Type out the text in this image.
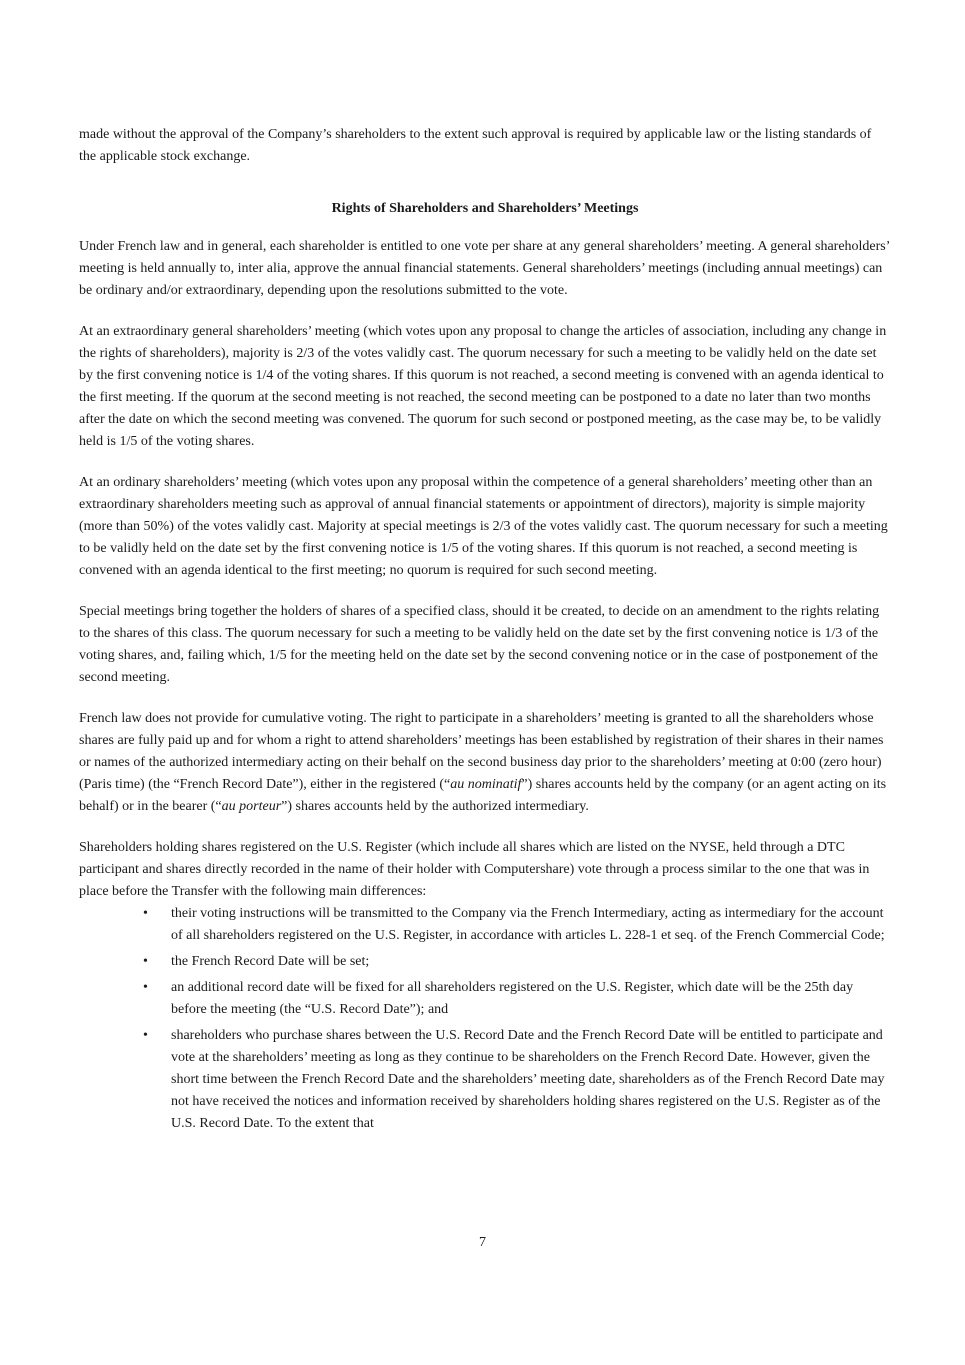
made without the approval of the Company’s shareholders to the extent such approval is required by applicable law or the listing standards of the applicable stock exchange.

Rights of Shareholders and Shareholders’ Meetings

Under French law and in general, each shareholder is entitled to one vote per share at any general shareholders’ meeting. A general shareholders’ meeting is held annually to, inter alia, approve the annual financial statements. General shareholders’ meetings (including annual meetings) can be ordinary and/or extraordinary, depending upon the resolutions submitted to the vote.

At an extraordinary general shareholders’ meeting (which votes upon any proposal to change the articles of association, including any change in the rights of shareholders), majority is 2/3 of the votes validly cast. The quorum necessary for such a meeting to be validly held on the date set by the first convening notice is 1/4 of the voting shares. If this quorum is not reached, a second meeting is convened with an agenda identical to the first meeting. If the quorum at the second meeting is not reached, the second meeting can be postponed to a date no later than two months after the date on which the second meeting was convened. The quorum for such second or postponed meeting, as the case may be, to be validly held is 1/5 of the voting shares.

At an ordinary shareholders’ meeting (which votes upon any proposal within the competence of a general shareholders’ meeting other than an extraordinary shareholders meeting such as approval of annual financial statements or appointment of directors), majority is simple majority (more than 50%) of the votes validly cast. Majority at special meetings is 2/3 of the votes validly cast. The quorum necessary for such a meeting to be validly held on the date set by the first convening notice is 1/5 of the voting shares. If this quorum is not reached, a second meeting is convened with an agenda identical to the first meeting; no quorum is required for such second meeting.

Special meetings bring together the holders of shares of a specified class, should it be created, to decide on an amendment to the rights relating to the shares of this class. The quorum necessary for such a meeting to be validly held on the date set by the first convening notice is 1/3 of the voting shares, and, failing which, 1/5 for the meeting held on the date set by the second convening notice or in the case of postponement of the second meeting.

French law does not provide for cumulative voting. The right to participate in a shareholders’ meeting is granted to all the shareholders whose shares are fully paid up and for whom a right to attend shareholders’ meetings has been established by registration of their shares in their names or names of the authorized intermediary acting on their behalf on the second business day prior to the shareholders’ meeting at 0:00 (zero hour) (Paris time) (the “French Record Date”), either in the registered (“au nominatif”) shares accounts held by the company (or an agent acting on its behalf) or in the bearer (“au porteur”) shares accounts held by the authorized intermediary.

Shareholders holding shares registered on the U.S. Register (which include all shares which are listed on the NYSE, held through a DTC participant and shares directly recorded in the name of their holder with Computershare) vote through a process similar to the one that was in place before the Transfer with the following main differences:

• their voting instructions will be transmitted to the Company via the French Intermediary, acting as intermediary for the account of all shareholders registered on the U.S. Register, in accordance with articles L. 228-1 et seq. of the French Commercial Code;
• the French Record Date will be set;
• an additional record date will be fixed for all shareholders registered on the U.S. Register, which date will be the 25th day before the meeting (the “U.S. Record Date”); and
• shareholders who purchase shares between the U.S. Record Date and the French Record Date will be entitled to participate and vote at the shareholders’ meeting as long as they continue to be shareholders on the French Record Date. However, given the short time between the French Record Date and the shareholders’ meeting date, shareholders as of the French Record Date may not have received the notices and information received by shareholders holding shares registered on the U.S. Register as of the U.S. Record Date. To the extent that
7
